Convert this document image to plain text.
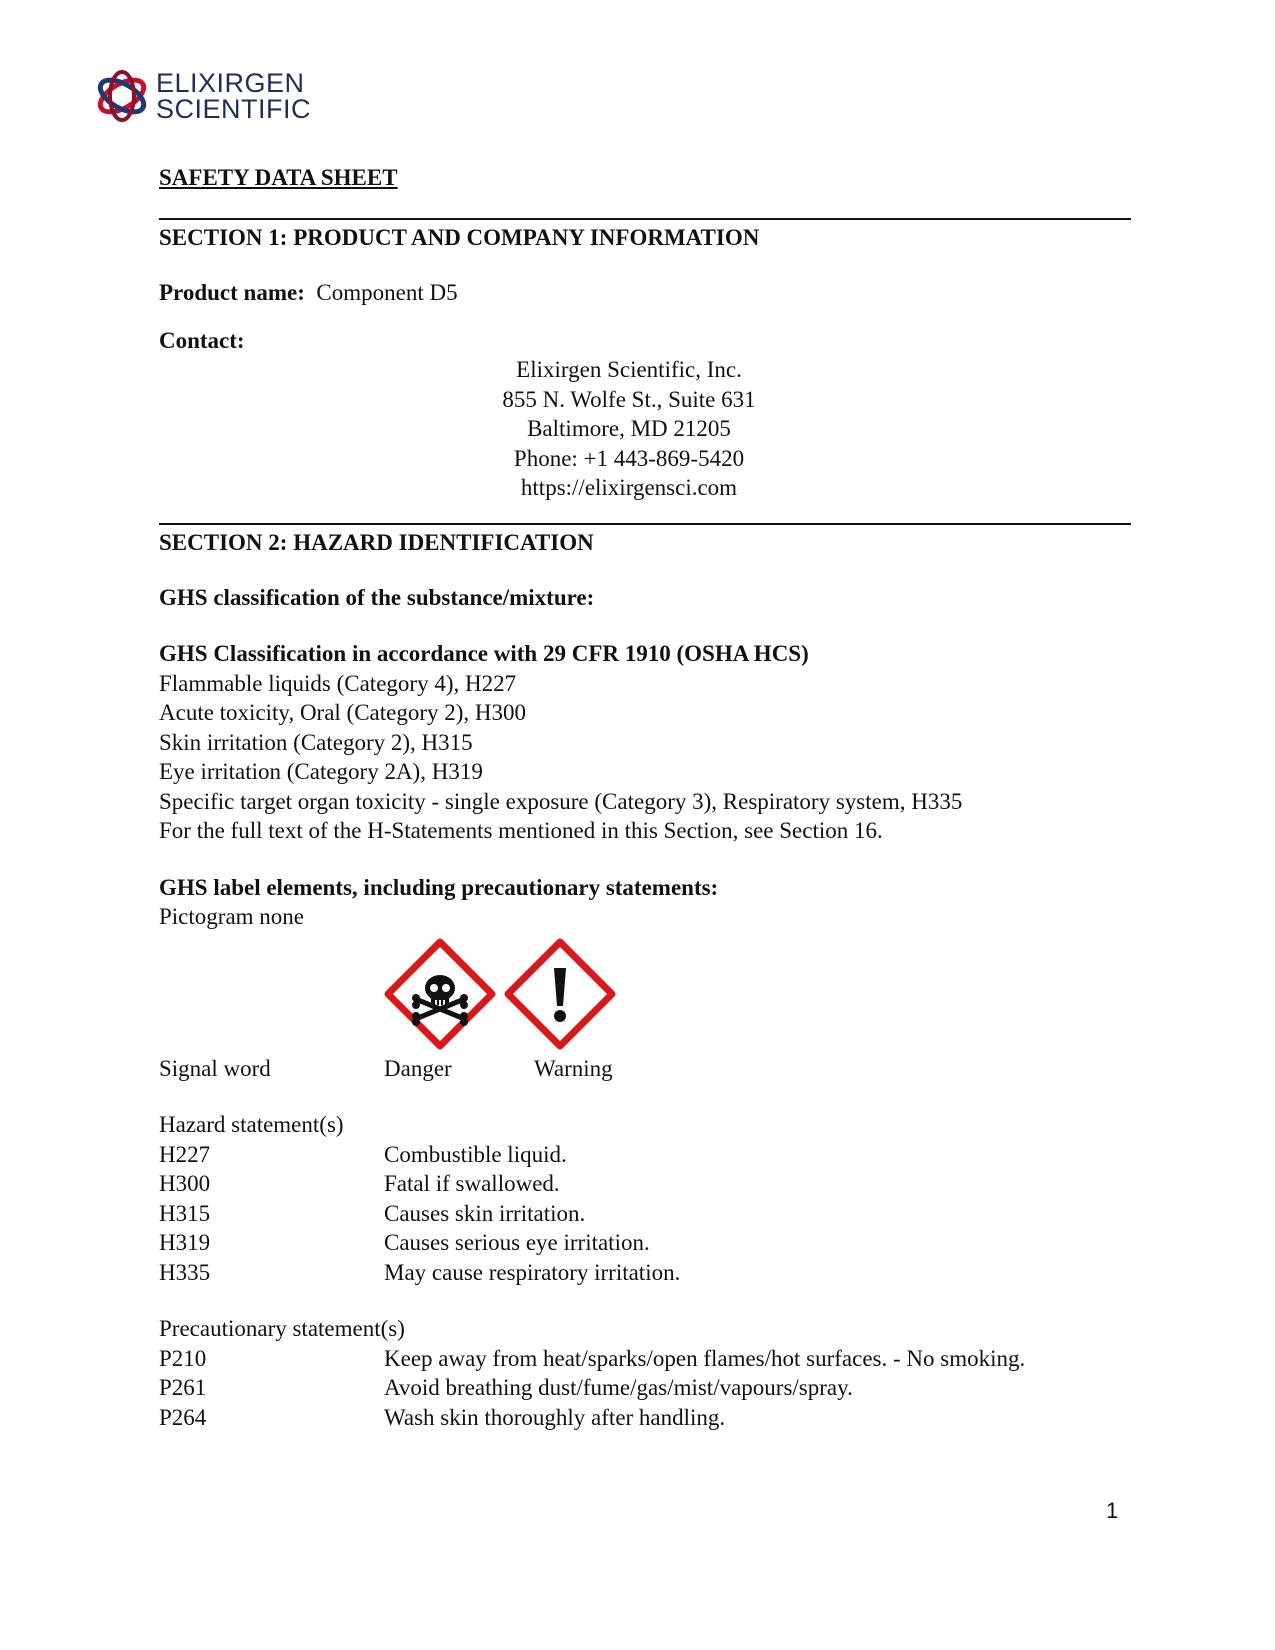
ELIXIRGEN
SCIENTIFIC

SAFETY DATA SHEET

SECTION 1: PRODUCT AND COMPANY INFORMATION

Product name: Component D5

Contact:

Elixirgen Scientific, Inc.
855 N. Wolfe St., Suite 631
Baltimore, MD 21205
Phone: +1 443-869-5420
https://elixirgensci.com

SECTION 2: HAZARD IDENTIFICATION

GHS classification of the substance/mixture:

GHS Classification in accordance with 29 CFR 1910 (OSHA HCS)

Flammable liquids (Category 4), H227

Acute toxicity, Oral (Category 2), H300

Skin irritation (Category 2), H315

Eye irritation (Category 2A), H319

Specific target organ toxicity - single exposure (Category 3), Respiratory system, H335

For the full text of the H-Statements mentioned in this Section, see Section 16.

GHS label elements, including precautionary statements:

Pictogram none

Signal word	Danger	Warning

Hazard statement(s)

H227	Combustible liquid.
H300	Fatal if swallowed.
H315	Causes skin irritation.
H319	Causes serious eye irritation.
H335	May cause respiratory irritation.

Precautionary statement(s)

P210	Keep away from heat/sparks/open flames/hot surfaces. - No smoking.
P261	Avoid breathing dust/fume/gas/mist/vapours/spray.
P264	Wash skin thoroughly after handling.
1
